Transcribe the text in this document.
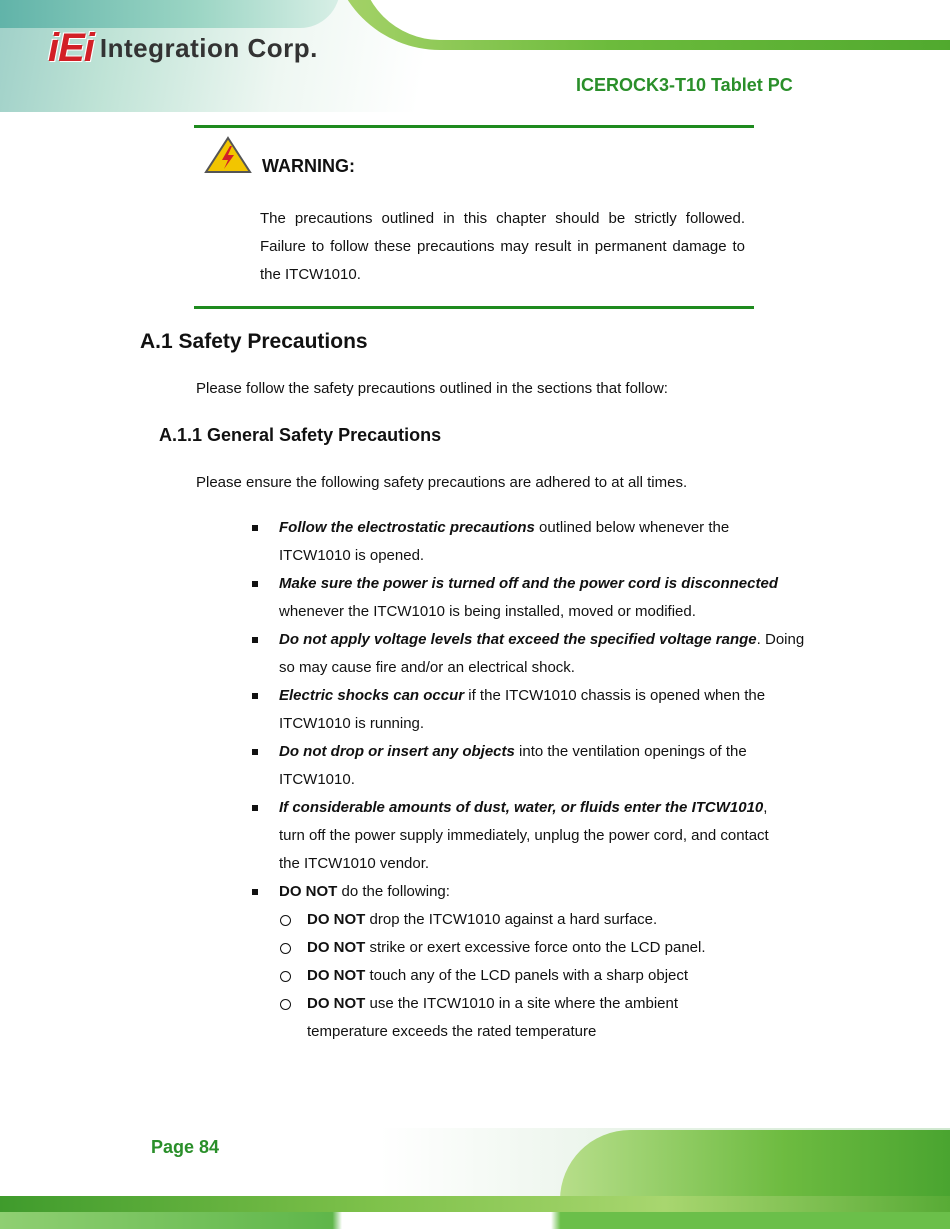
iEi Integration Corp.
ICEROCK3-T10 Tablet PC
WARNING:
The precautions outlined in this chapter should be strictly followed. Failure to follow these precautions may result in permanent damage to the ITCW1010.
A.1 Safety Precautions
Please follow the safety precautions outlined in the sections that follow:
A.1.1 General Safety Precautions
Please ensure the following safety precautions are adhered to at all times.
Follow the electrostatic precautions outlined below whenever the ITCW1010 is opened.
Make sure the power is turned off and the power cord is disconnected whenever the ITCW1010 is being installed, moved or modified.
Do not apply voltage levels that exceed the specified voltage range. Doing so may cause fire and/or an electrical shock.
Electric shocks can occur if the ITCW1010 chassis is opened when the ITCW1010 is running.
Do not drop or insert any objects into the ventilation openings of the ITCW1010.
If considerable amounts of dust, water, or fluids enter the ITCW1010, turn off the power supply immediately, unplug the power cord, and contact the ITCW1010 vendor.
DO NOT do the following:
DO NOT drop the ITCW1010 against a hard surface.
DO NOT strike or exert excessive force onto the LCD panel.
DO NOT touch any of the LCD panels with a sharp object
DO NOT use the ITCW1010 in a site where the ambient temperature exceeds the rated temperature
Page 84
